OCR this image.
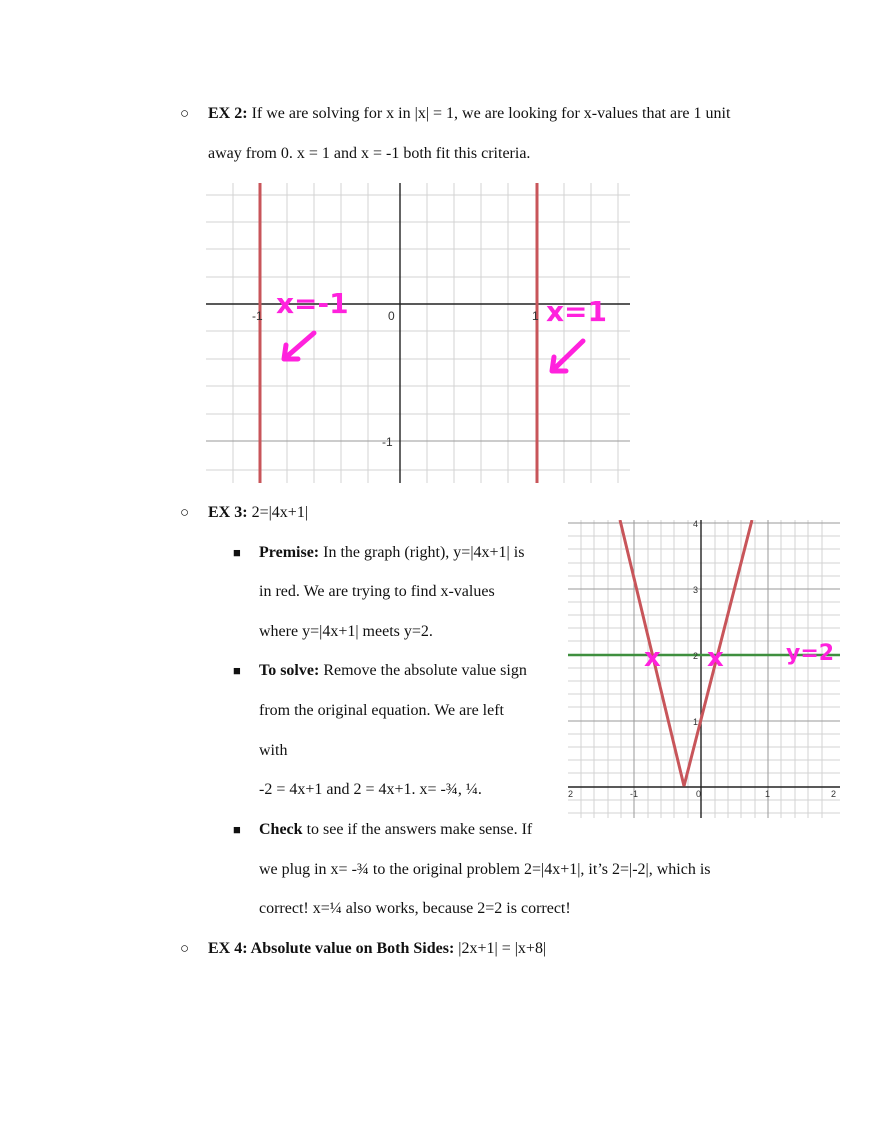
○ EX 2: If we are solving for x in |x| = 1, we are looking for x-values that are 1 unit
away from 0. x = 1 and x = -1 both fit this criteria.
-1	0	1
-1
x=-1	x=1
○ EX 3: 2=|4x+1|
■ Premise: In the graph (right), y=|4x+1| is
in red. We are trying to find x-values
where y=|4x+1| meets y=2.
■ To solve: Remove the absolute value sign
from the original equation. We are left
with
-2 = 4x+1 and 2 = 4x+1. x= -¾, ¼.
■ Check to see if the answers make sense. If
we plug in x= -¾ to the original problem 2=|4x+1|, it’s 2=|-2|, which is
correct! x=¼ also works, because 2=2 is correct!
4
3
2
1
2	-1	0	1	2
x x	y=2
○ EX 4: Absolute value on Both Sides: |2x+1| = |x+8|
